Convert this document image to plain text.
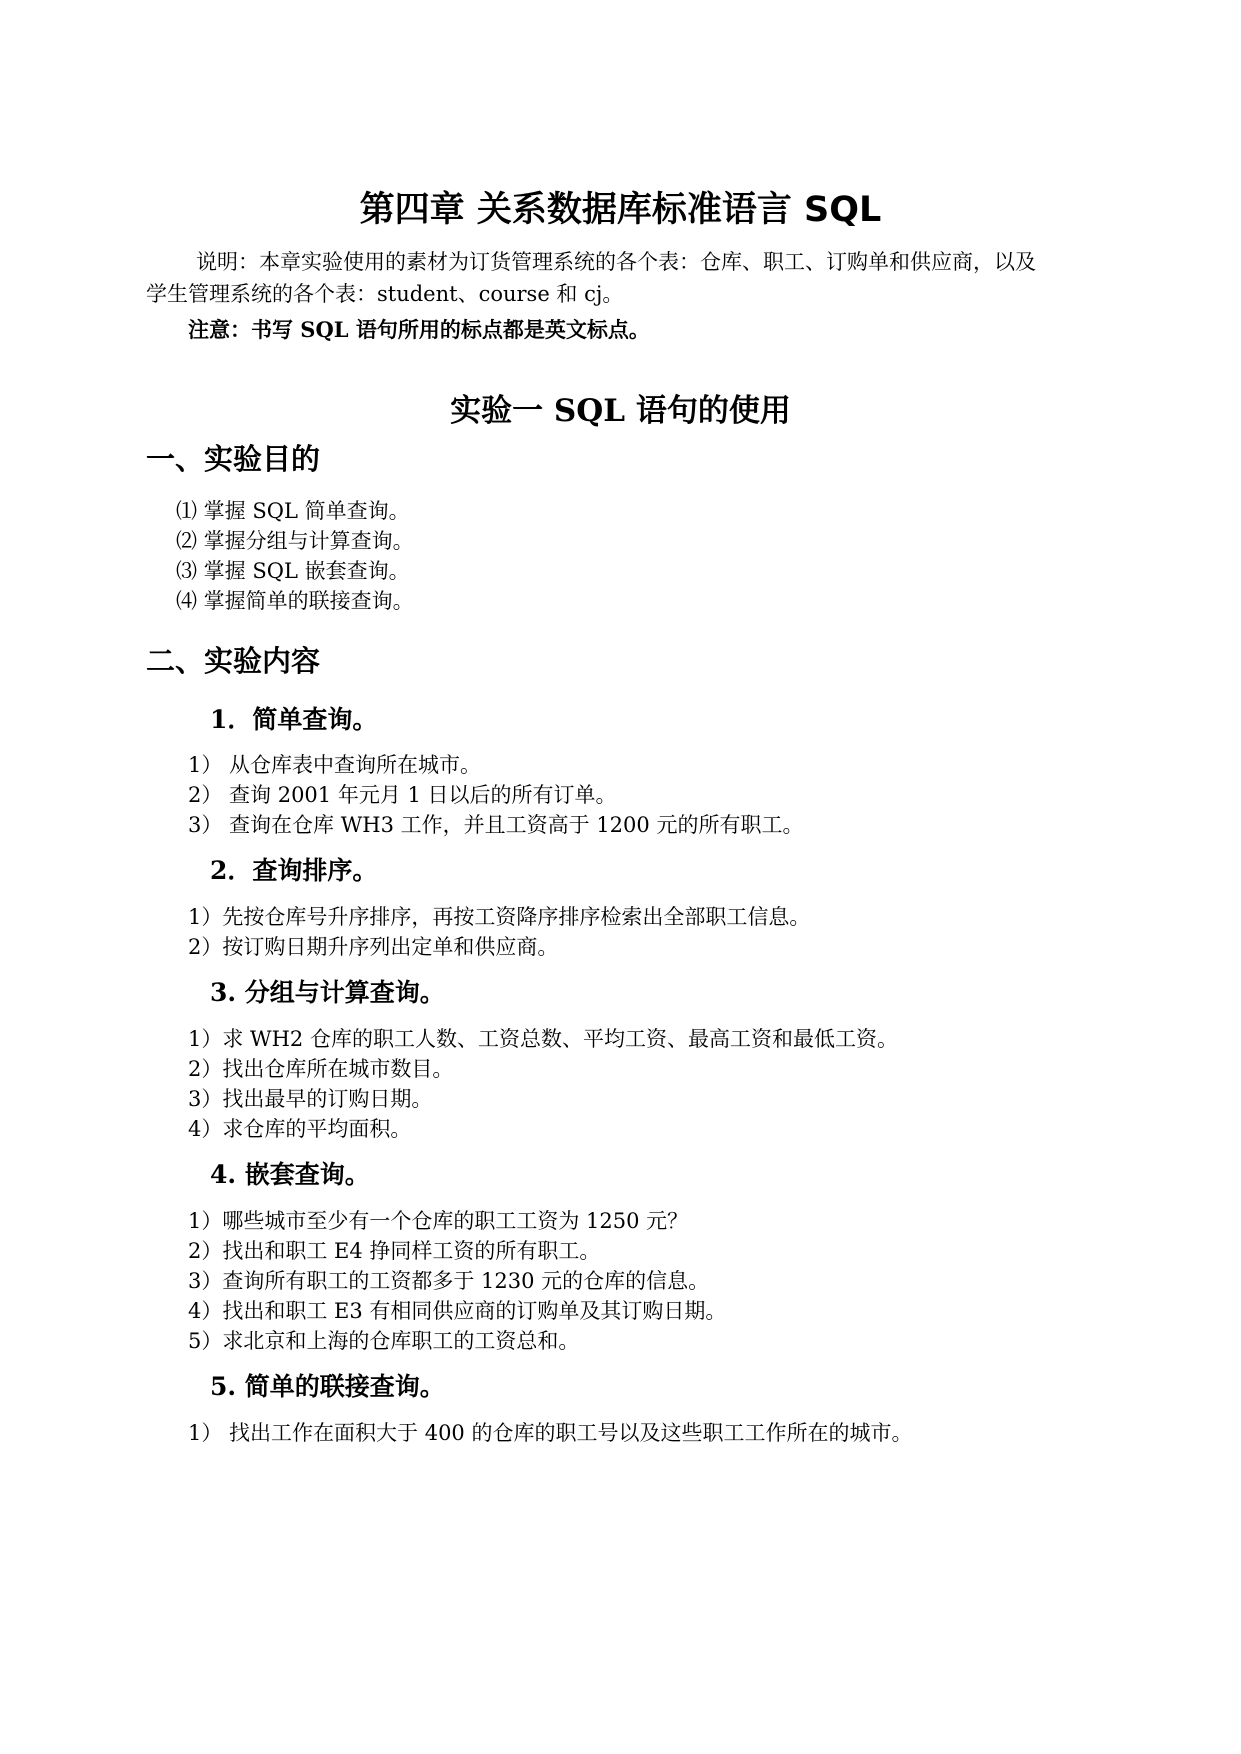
第四章 关系数据库标准语言 SQL

说明：本章实验使用的素材为订货管理系统的各个表：仓库、职工、订购单和供应商，以及学生管理系统的各个表：student、course 和 cj。

注意：书写 SQL 语句所用的标点都是英文标点。

实验一 SQL 语句的使用
一、实验目的

⑴ 掌握 SQL 简单查询。

⑵ 掌握分组与计算查询。

⑶ 掌握 SQL 嵌套查询。

⑷ 掌握简单的联接查询。

二、实验内容
1．简单查询。

1） 从仓库表中查询所在城市。

2） 查询 2001 年元月 1 日以后的所有订单。

3） 查询在仓库 WH3 工作，并且工资高于 1200 元的所有职工。

2．查询排序。

1）先按仓库号升序排序，再按工资降序排序检索出全部职工信息。

2）按订购日期升序列出定单和供应商。

3. 分组与计算查询。

1）求 WH2 仓库的职工人数、工资总数、平均工资、最高工资和最低工资。

2）找出仓库所在城市数目。

3）找出最早的订购日期。

4）求仓库的平均面积。

4. 嵌套查询。

1）哪些城市至少有一个仓库的职工工资为 1250 元？

2）找出和职工 E4 挣同样工资的所有职工。

3）查询所有职工的工资都多于 1230 元的仓库的信息。

4）找出和职工 E3 有相同供应商的订购单及其订购日期。

5）求北京和上海的仓库职工的工资总和。

5. 简单的联接查询。

1） 找出工作在面积大于 400 的仓库的职工号以及这些职工工作所在的城市。
